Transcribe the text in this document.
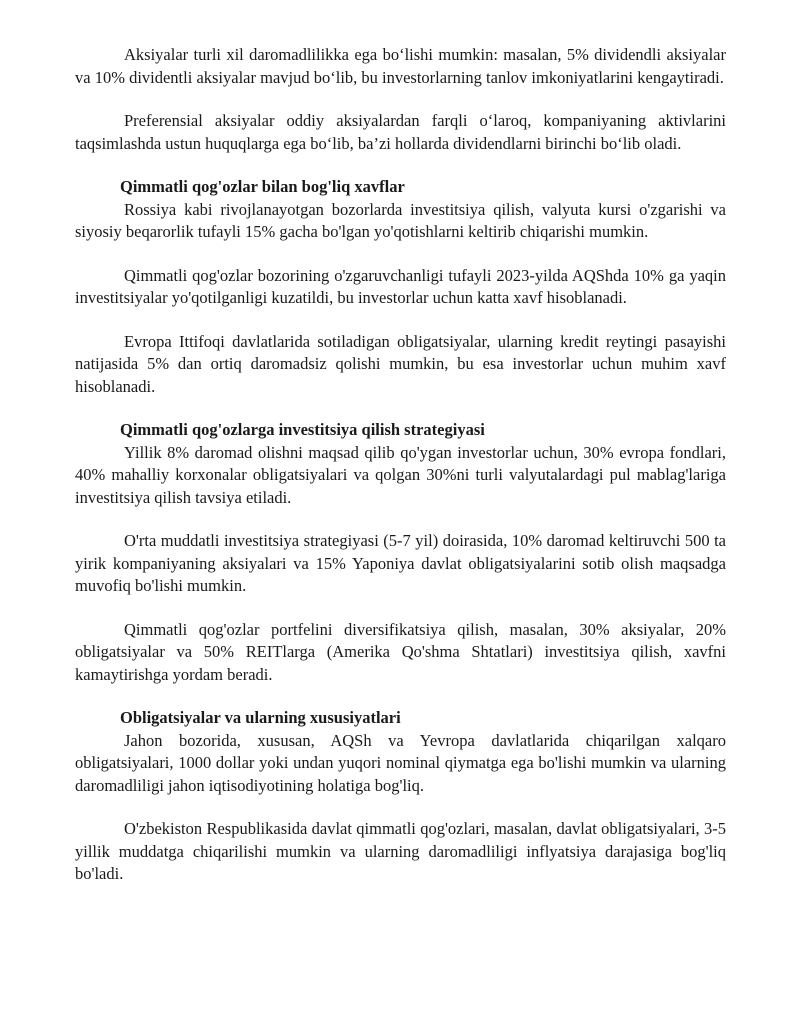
Aksiyalar turli xil daromadlilikka ega bo‘lishi mumkin: masalan, 5% dividendli aksiyalar va 10% dividentli aksiyalar mavjud bo‘lib, bu investorlarning tanlov imkoniyatlarini kengaytiradi.

Preferensial aksiyalar oddiy aksiyalardan farqli o‘laroq, kompaniyaning aktivlarini taqsimlashda ustun huquqlarga ega bo‘lib, ba’zi hollarda dividendlarni birinchi bo‘lib oladi.

Qimmatli qog'ozlar bilan bog'liq xavflar

Rossiya kabi rivojlanayotgan bozorlarda investitsiya qilish, valyuta kursi o'zgarishi va siyosiy beqarorlik tufayli 15% gacha bo'lgan yo'qotishlarni keltirib chiqarishi mumkin.

Qimmatli qog'ozlar bozorining o'zgaruvchanligi tufayli 2023-yilda AQShda 10% ga yaqin investitsiyalar yo'qotilganligi kuzatildi, bu investorlar uchun katta xavf hisoblanadi.

Evropa Ittifoqi davlatlarida sotiladigan obligatsiyalar, ularning kredit reytingi pasayishi natijasida 5% dan ortiq daromadsiz qolishi mumkin, bu esa investorlar uchun muhim xavf hisoblanadi.

Qimmatli qog'ozlarga investitsiya qilish strategiyasi

Yillik 8% daromad olishni maqsad qilib qo'ygan investorlar uchun, 30% evropa fondlari, 40% mahalliy korxonalar obligatsiyalari va qolgan 30%ni turli valyutalardagi pul mablag'lariga investitsiya qilish tavsiya etiladi.

O'rta muddatli investitsiya strategiyasi (5-7 yil) doirasida, 10% daromad keltiruvchi 500 ta yirik kompaniyaning aksiyalari va 15% Yaponiya davlat obligatsiyalarini sotib olish maqsadga muvofiq bo'lishi mumkin.

Qimmatli qog'ozlar portfelini diversifikatsiya qilish, masalan, 30% aksiyalar, 20% obligatsiyalar va 50% REITlarga (Amerika Qo'shma Shtatlari) investitsiya qilish, xavfni kamaytirishga yordam beradi.

Obligatsiyalar va ularning xususiyatlari

Jahon bozorida, xususan, AQSh va Yevropa davlatlarida chiqarilgan xalqaro obligatsiyalari, 1000 dollar yoki undan yuqori nominal qiymatga ega bo'lishi mumkin va ularning daromadliligi jahon iqtisodiyotining holatiga bog'liq.

O'zbekiston Respublikasida davlat qimmatli qog'ozlari, masalan, davlat obligatsiyalari, 3-5 yillik muddatga chiqarilishi mumkin va ularning daromadliligi inflyatsiya darajasiga bog'liq bo'ladi.
